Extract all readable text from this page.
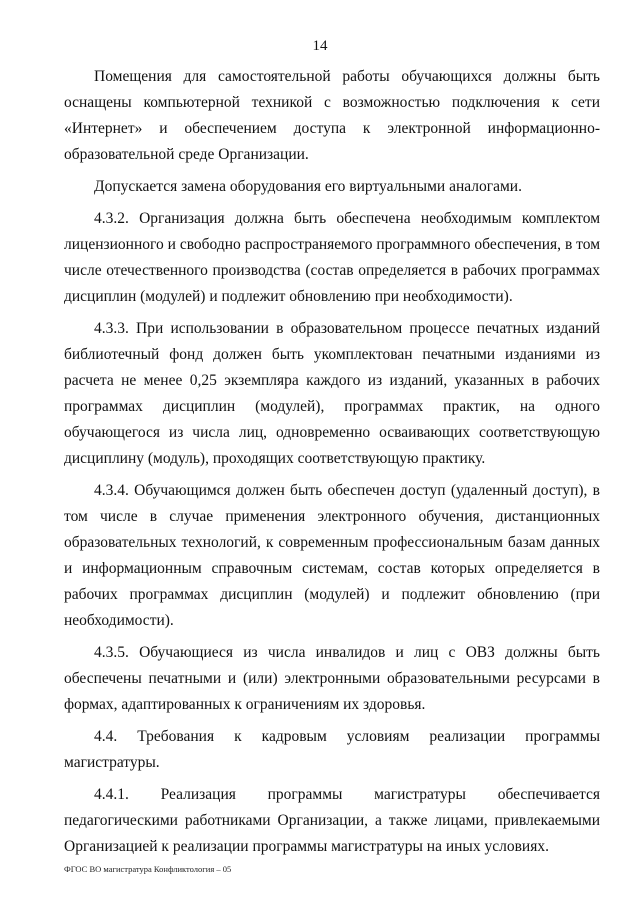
14

Помещения для самостоятельной работы обучающихся должны быть оснащены компьютерной техникой с возможностью подключения к сети «Интернет» и обеспечением доступа к электронной информационно-образовательной среде Организации.

Допускается замена оборудования его виртуальными аналогами.

4.3.2. Организация должна быть обеспечена необходимым комплектом лицензионного и свободно распространяемого программного обеспечения, в том числе отечественного производства (состав определяется в рабочих программах дисциплин (модулей) и подлежит обновлению при необходимости).

4.3.3. При использовании в образовательном процессе печатных изданий библиотечный фонд должен быть укомплектован печатными изданиями из расчета не менее 0,25 экземпляра каждого из изданий, указанных в рабочих программах дисциплин (модулей), программах практик, на одного обучающегося из числа лиц, одновременно осваивающих соответствующую дисциплину (модуль), проходящих соответствующую практику.

4.3.4. Обучающимся должен быть обеспечен доступ (удаленный доступ), в том числе в случае применения электронного обучения, дистанционных образовательных технологий, к современным профессиональным базам данных и информационным справочным системам, состав которых определяется в рабочих программах дисциплин (модулей) и подлежит обновлению (при необходимости).

4.3.5. Обучающиеся из числа инвалидов и лиц с ОВЗ должны быть обеспечены печатными и (или) электронными образовательными ресурсами в формах, адаптированных к ограничениям их здоровья.

4.4. Требования к кадровым условиям реализации программы магистратуры.

4.4.1. Реализация программы магистратуры обеспечивается педагогическими работниками Организации, а также лицами, привлекаемыми Организацией к реализации программы магистратуры на иных условиях.

ФГОС ВО магистратура Конфликтология – 05
